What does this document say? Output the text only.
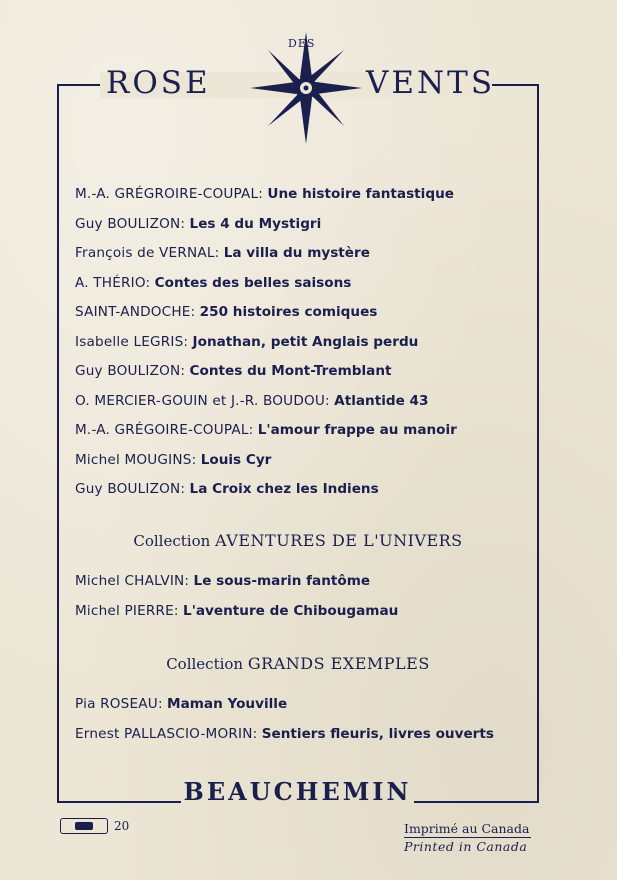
ROSE	VENTS
DES
M.-A. GRÉGROIRE-COUPAL: Une histoire fantastique
Guy BOULIZON: Les 4 du Mystigri
François de VERNAL: La villa du mystère
A. THÉRIO: Contes des belles saisons
SAINT-ANDOCHE: 250 histoires comiques
Isabelle LEGRIS: Jonathan, petit Anglais perdu
Guy BOULIZON: Contes du Mont-Tremblant
O. MERCIER-GOUIN et J.-R. BOUDOU: Atlantide 43
M.-A. GRÉGOIRE-COUPAL: L'amour frappe au manoir
Michel MOUGINS: Louis Cyr
Guy BOULIZON: La Croix chez les Indiens
Collection AVENTURES DE L'UNIVERS
Michel CHALVIN: Le sous-marin fantôme
Michel PIERRE: L'aventure de Chibougamau
Collection GRANDS EXEMPLES
Pia ROSEAU: Maman Youville
Ernest PALLASCIO-MORIN: Sentiers fleuris, livres ouverts
BEAUCHEMIN
20	Imprimé au Canada
Printed in Canada
